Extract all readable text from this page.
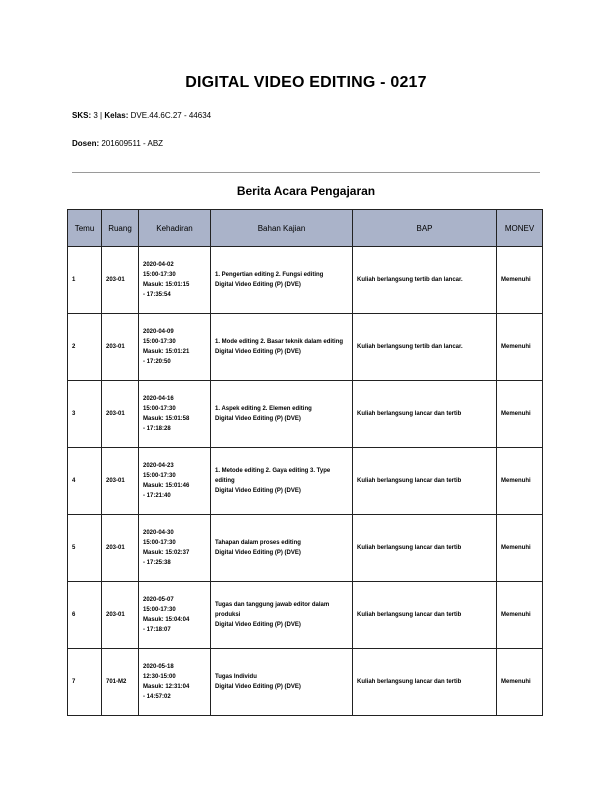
DIGITAL VIDEO EDITING - 0217
SKS: 3 | Kelas: DVE.44.6C.27 - 44634
Dosen: 201609511 - ABZ
Berita Acara Pengajaran
Temu	Ruang	Kehadiran	Bahan Kajian	BAP	MONEV
1	203-01	2020-04-02
15:00-17:30
Masuk: 15:01:15
- 17:35:54	1. Pengertian editing 2. Fungsi editing
Digital Video Editing (P) (DVE)	Kuliah berlangsung tertib dan lancar.	Memenuhi
2	203-01	2020-04-09
15:00-17:30
Masuk: 15:01:21
- 17:20:50	1. Mode editing 2. Basar teknik dalam editing
Digital Video Editing (P) (DVE)	Kuliah berlangsung tertib dan lancar.	Memenuhi
3	203-01	2020-04-16
15:00-17:30
Masuk: 15:01:58
- 17:18:28	1. Aspek editing 2. Elemen editing
Digital Video Editing (P) (DVE)	Kuliah berlangsung lancar dan tertib	Memenuhi
4	203-01	2020-04-23
15:00-17:30
Masuk: 15:01:46
- 17:21:40	1. Metode editing 2. Gaya editing 3. Type editing
Digital Video Editing (P) (DVE)	Kuliah berlangsung lancar dan tertib	Memenuhi
5	203-01	2020-04-30
15:00-17:30
Masuk: 15:02:37
- 17:25:38	Tahapan dalam proses editing
Digital Video Editing (P) (DVE)	Kuliah berlangsung lancar dan tertib	Memenuhi
6	203-01	2020-05-07
15:00-17:30
Masuk: 15:04:04
- 17:18:07	Tugas dan tanggung jawab editor dalam produksi
Digital Video Editing (P) (DVE)	Kuliah berlangsung lancar dan tertib	Memenuhi
7	701-M2	2020-05-18
12:30-15:00
Masuk: 12:31:04
- 14:57:02	Tugas Individu
Digital Video Editing (P) (DVE)	Kuliah berlangsung lancar dan tertib	Memenuhi
